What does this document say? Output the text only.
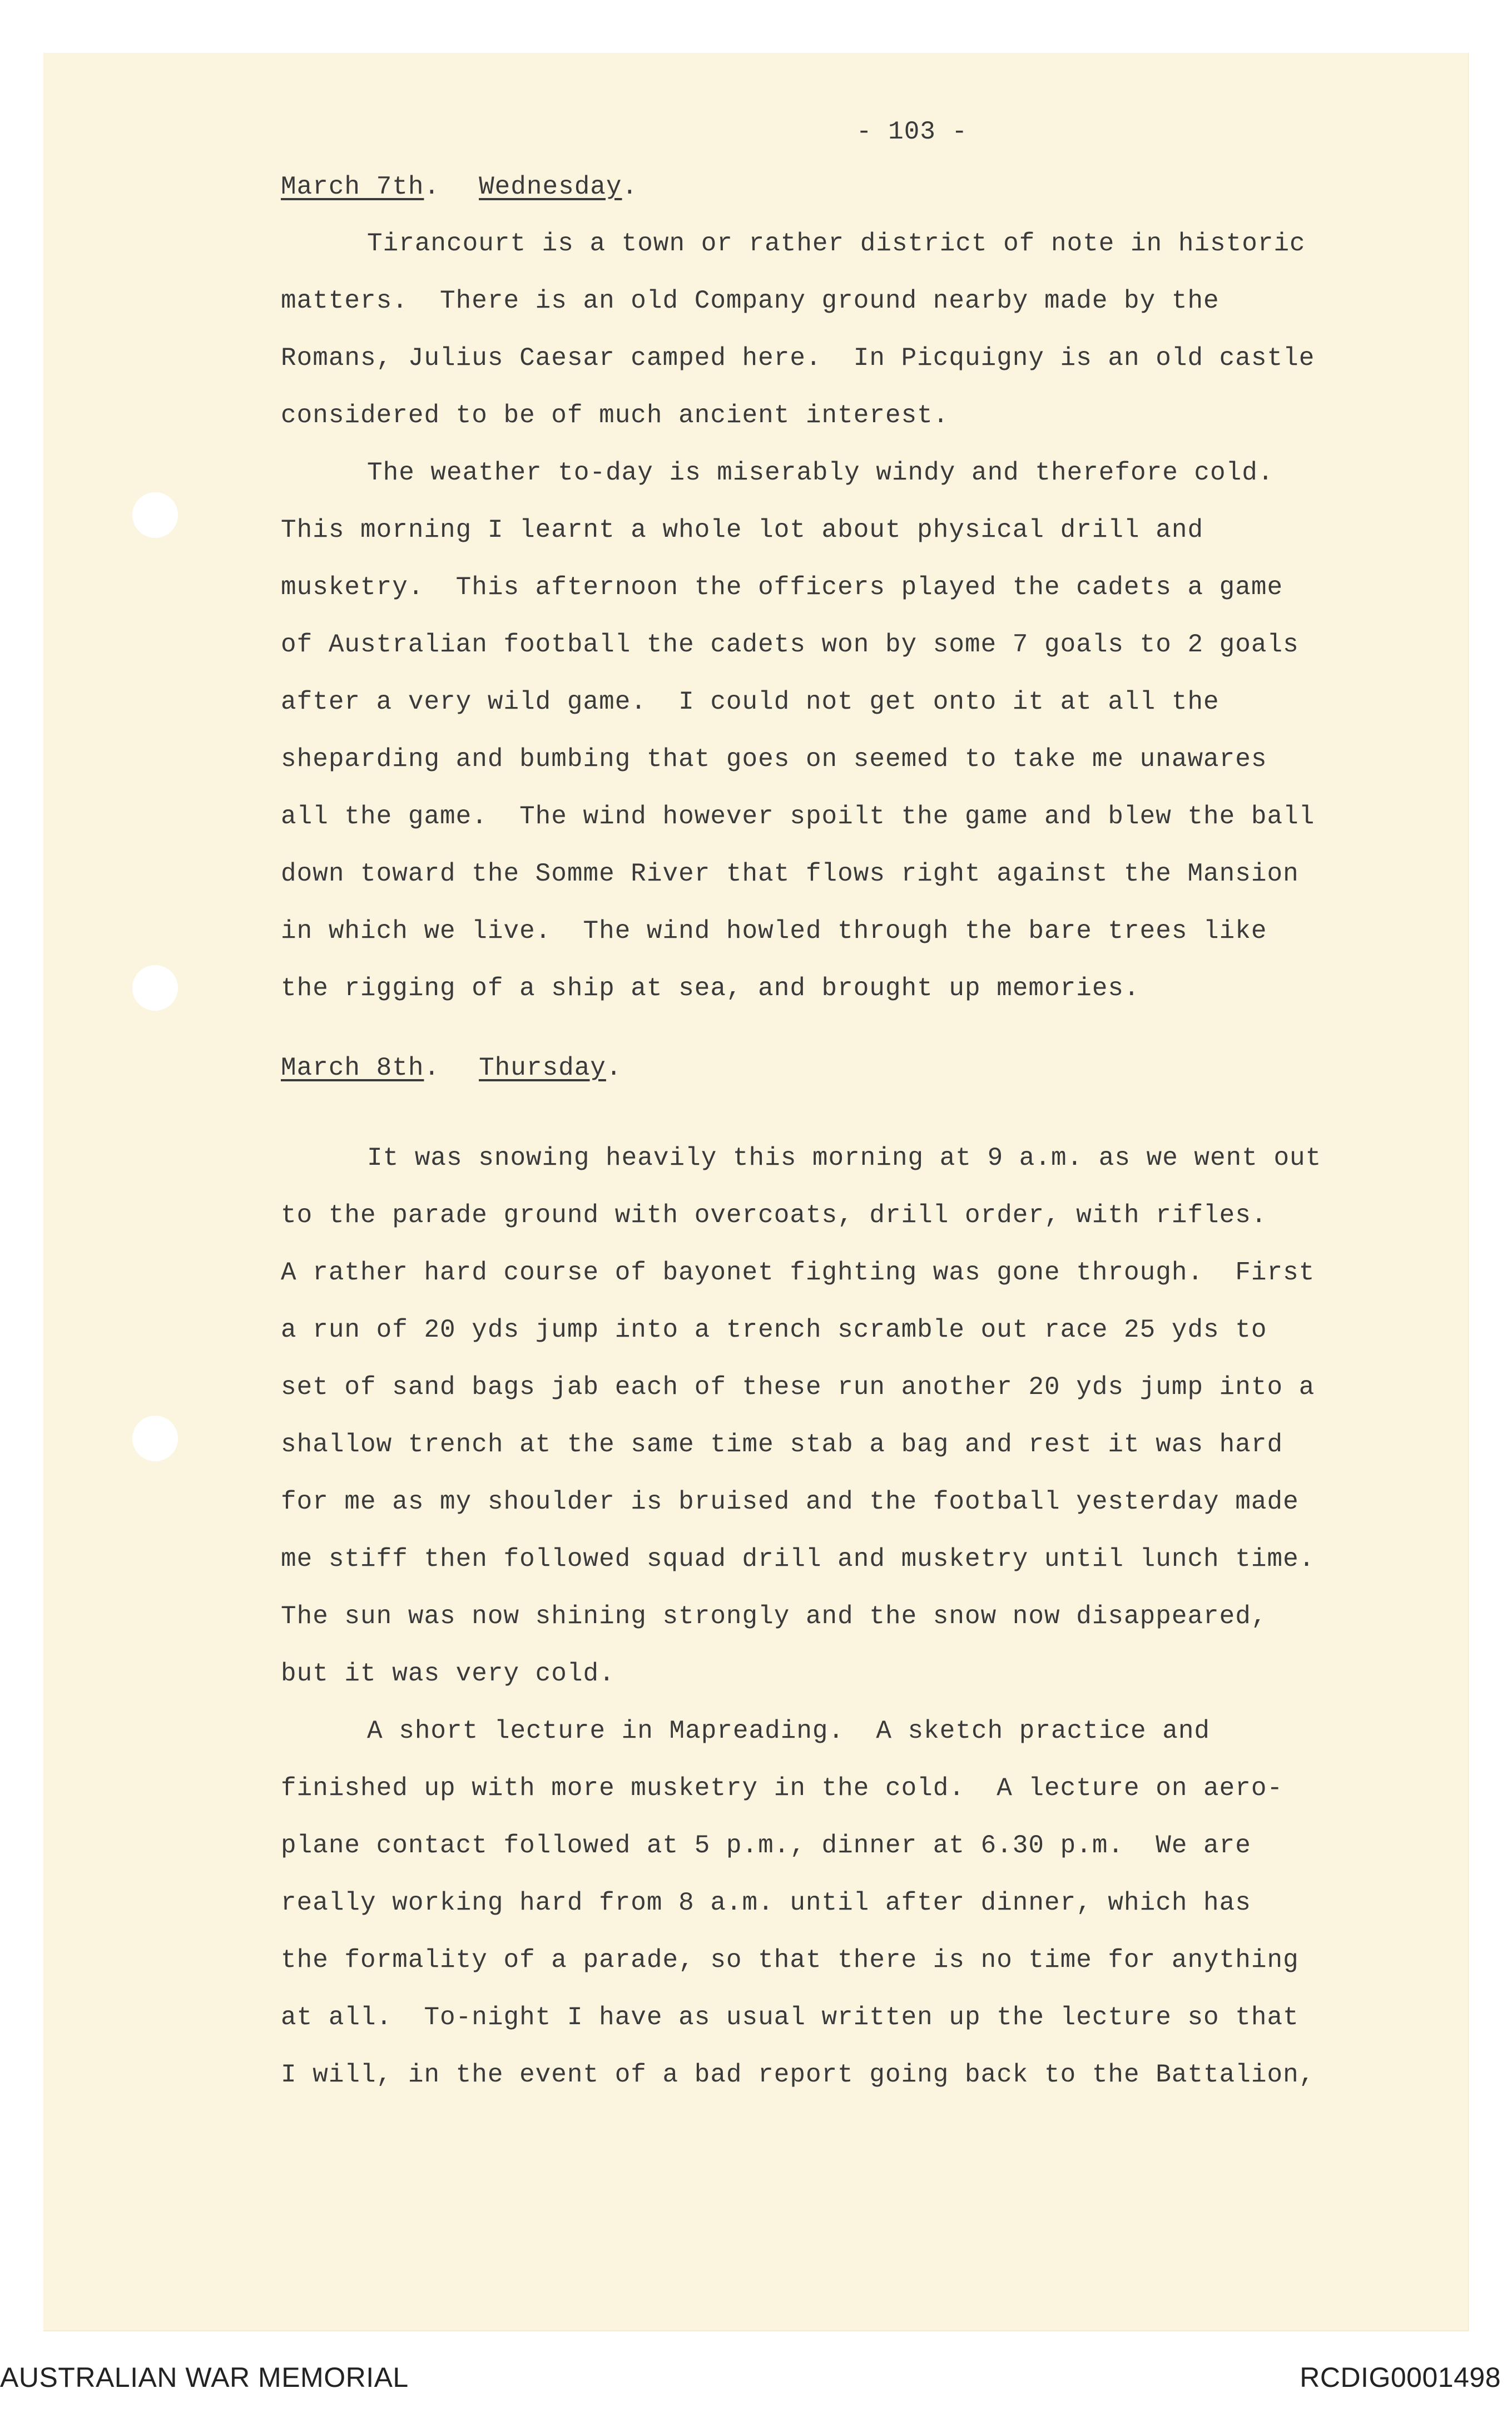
- 103 -
March 7th. Wednesday.
Tirancourt is a town or rather district of note in historic
matters.  There is an old Company ground nearby made by the
Romans, Julius Caesar camped here.  In Picquigny is an old castle
considered to be of much ancient interest.
The weather to-day is miserably windy and therefore cold.
This morning I learnt a whole lot about physical drill and
musketry.  This afternoon the officers played the cadets a game
of Australian football the cadets won by some 7 goals to 2 goals
after a very wild game.  I could not get onto it at all the
sheparding and bumbing that goes on seemed to take me unawares
all the game.  The wind however spoilt the game and blew the ball
down toward the Somme River that flows right against the Mansion
in which we live.  The wind howled through the bare trees like
the rigging of a ship at sea, and brought up memories.
March 8th. Thursday.
It was snowing heavily this morning at 9 a.m. as we went out
to the parade ground with overcoats, drill order, with rifles.
A rather hard course of bayonet fighting was gone through.  First
a run of 20 yds jump into a trench scramble out race 25 yds to
set of sand bags jab each of these run another 20 yds jump into a
shallow trench at the same time stab a bag and rest it was hard
for me as my shoulder is bruised and the football yesterday made
me stiff then followed squad drill and musketry until lunch time.
The sun was now shining strongly and the snow now disappeared,
but it was very cold.
A short lecture in Mapreading.  A sketch practice and
finished up with more musketry in the cold.  A lecture on aero-
plane contact followed at 5 p.m., dinner at 6.30 p.m.  We are
really working hard from 8 a.m. until after dinner, which has
the formality of a parade, so that there is no time for anything
at all.  To-night I have as usual written up the lecture so that
I will, in the event of a bad report going back to the Battalion,
AUSTRALIAN WAR MEMORIAL	RCDIG0001498
